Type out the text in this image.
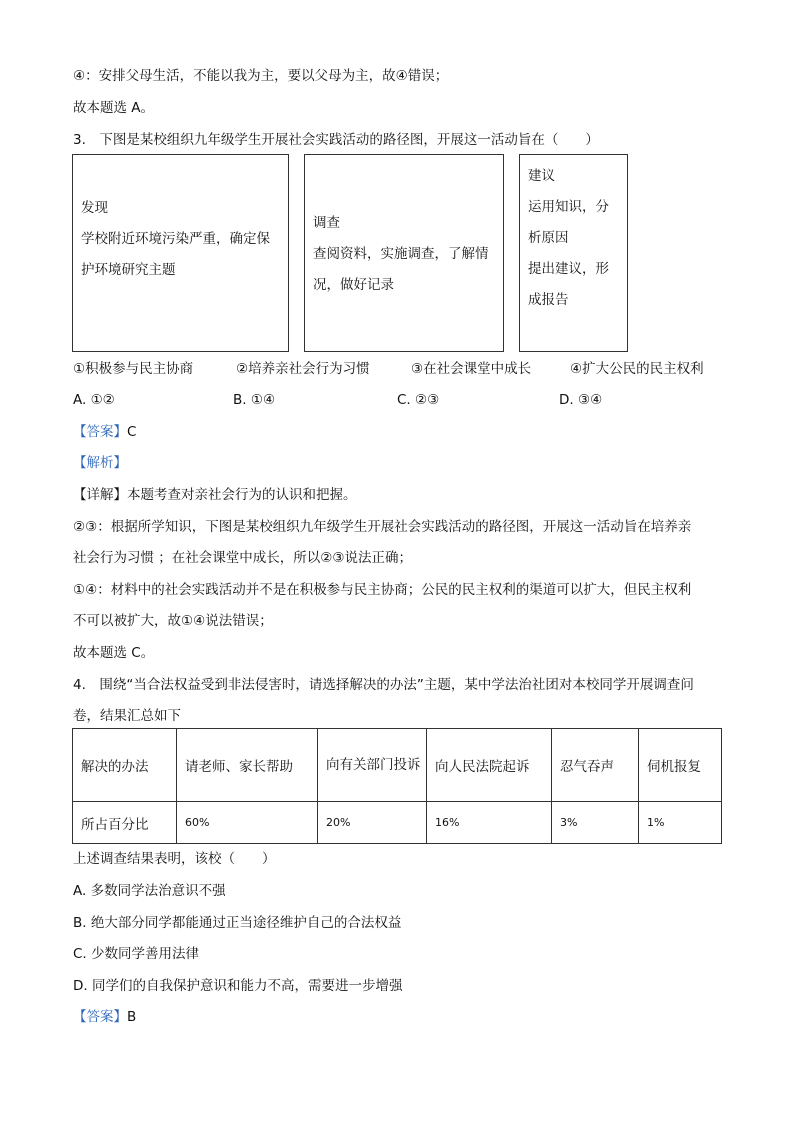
④：安排父母生活，不能以我为主，要以父母为主，故④错误；
故本题选 A。
3.　下图是某校组织九年级学生开展社会实践活动的路径图，开展这一活动旨在（　　）
发现
学校附近环境污染严重，确定保
护环境研究主题
调查
查阅资料，实施调查，了解情
况，做好记录
建议
运用知识，分
析原因
提出建议，形
成报告
①积极参与民主协商	②培养亲社会行为习惯	③在社会课堂中成长	④扩大公民的民主权利
A. ①②	B. ①④	C. ②③	D. ③④
【答案】C
【解析】
【详解】本题考查对亲社会行为的认识和把握。
②③：根据所学知识，下图是某校组织九年级学生开展社会实践活动的路径图，开展这一活动旨在培养亲
社会行为习惯 ；在社会课堂中成长，所以②③说法正确；
①④：材料中的社会实践活动并不是在积极参与民主协商；公民的民主权利的渠道可以扩大，但民主权利
不可以被扩大，故①④说法错误；
故本题选 C。
4.　围绕“当合法权益受到非法侵害时，请选择解决的办法”主题，某中学法治社团对本校同学开展调查问
卷，结果汇总如下
解决的办法	请老师、家长帮助	向有关部门投诉	向人民法院起诉	忍气吞声	伺机报复
所占百分比	60%	20%	16%	3%	1%
上述调查结果表明，该校（　　）
A. 多数同学法治意识不强
B. 绝大部分同学都能通过正当途径维护自己的合法权益
C. 少数同学善用法律
D. 同学们的自我保护意识和能力不高，需要进一步增强
【答案】B
